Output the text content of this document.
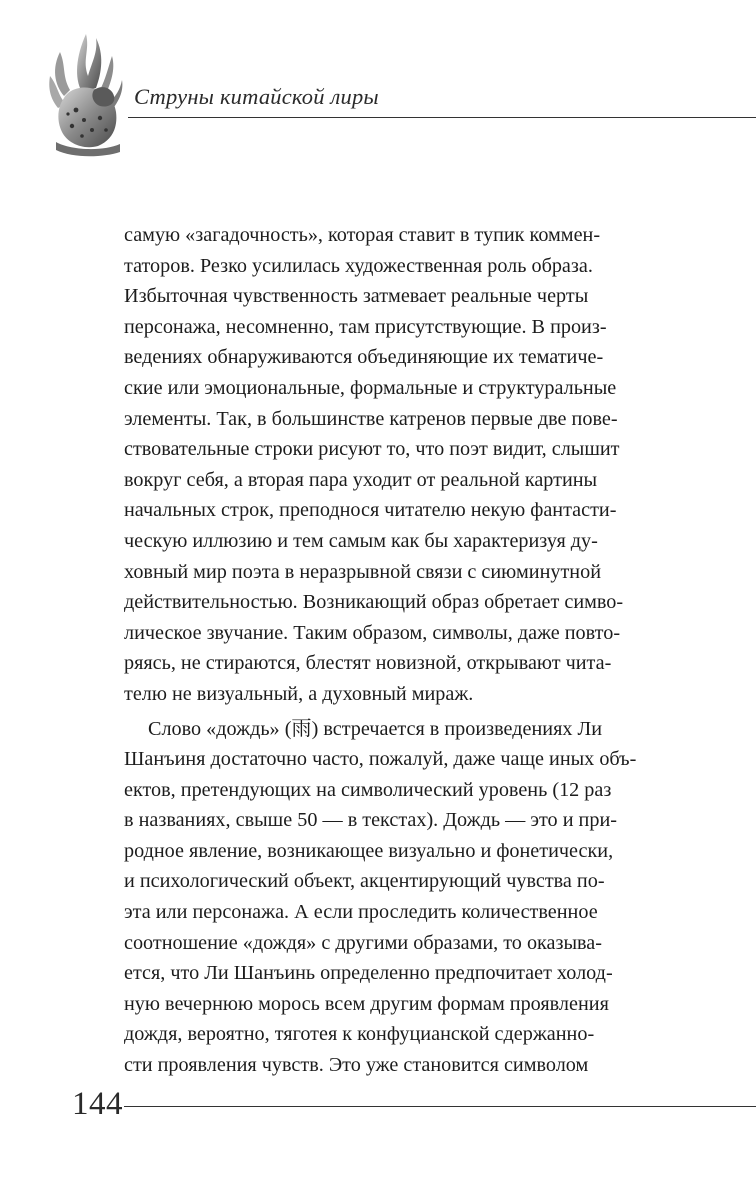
Струны китайской лиры
самую «загадочность», которая ставит в тупик коммен-
таторов. Резко усилилась художественная роль образа.
Избыточная чувственность затмевает реальные черты
персонажа, несомненно, там присутствующие. В произ-
ведениях обнаруживаются объединяющие их тематиче-
ские или эмоциональные, формальные и структуральные
элементы. Так, в большинстве катренов первые две пове-
ствовательные строки рисуют то, что поэт видит, слышит
вокруг себя, а вторая пара уходит от реальной картины
начальных строк, преподнося читателю некую фантасти-
ческую иллюзию и тем самым как бы характеризуя ду-
ховный мир поэта в неразрывной связи с сиюминутной
действительностью. Возникающий образ обретает симво-
лическое звучание. Таким образом, символы, даже повто-
ряясь, не стираются, блестят новизной, открывают чита-
телю не визуальный, а духовный мираж.
Слово «дождь» (雨) встречается в произведениях Ли
Шанъиня достаточно часто, пожалуй, даже чаще иных объ-
ектов, претендующих на символический уровень (12 раз
в названиях, свыше 50 — в текстах). Дождь — это и при-
родное явление, возникающее визуально и фонетически,
и психологический объект, акцентирующий чувства по-
эта или персонажа. А если проследить количественное
соотношение «дождя» с другими образами, то оказыва-
ется, что Ли Шанъинь определенно предпочитает холод-
ную вечернюю морось всем другим формам проявления
дождя, вероятно, тяготея к конфуцианской сдержанно-
сти проявления чувств. Это уже становится символом
144
